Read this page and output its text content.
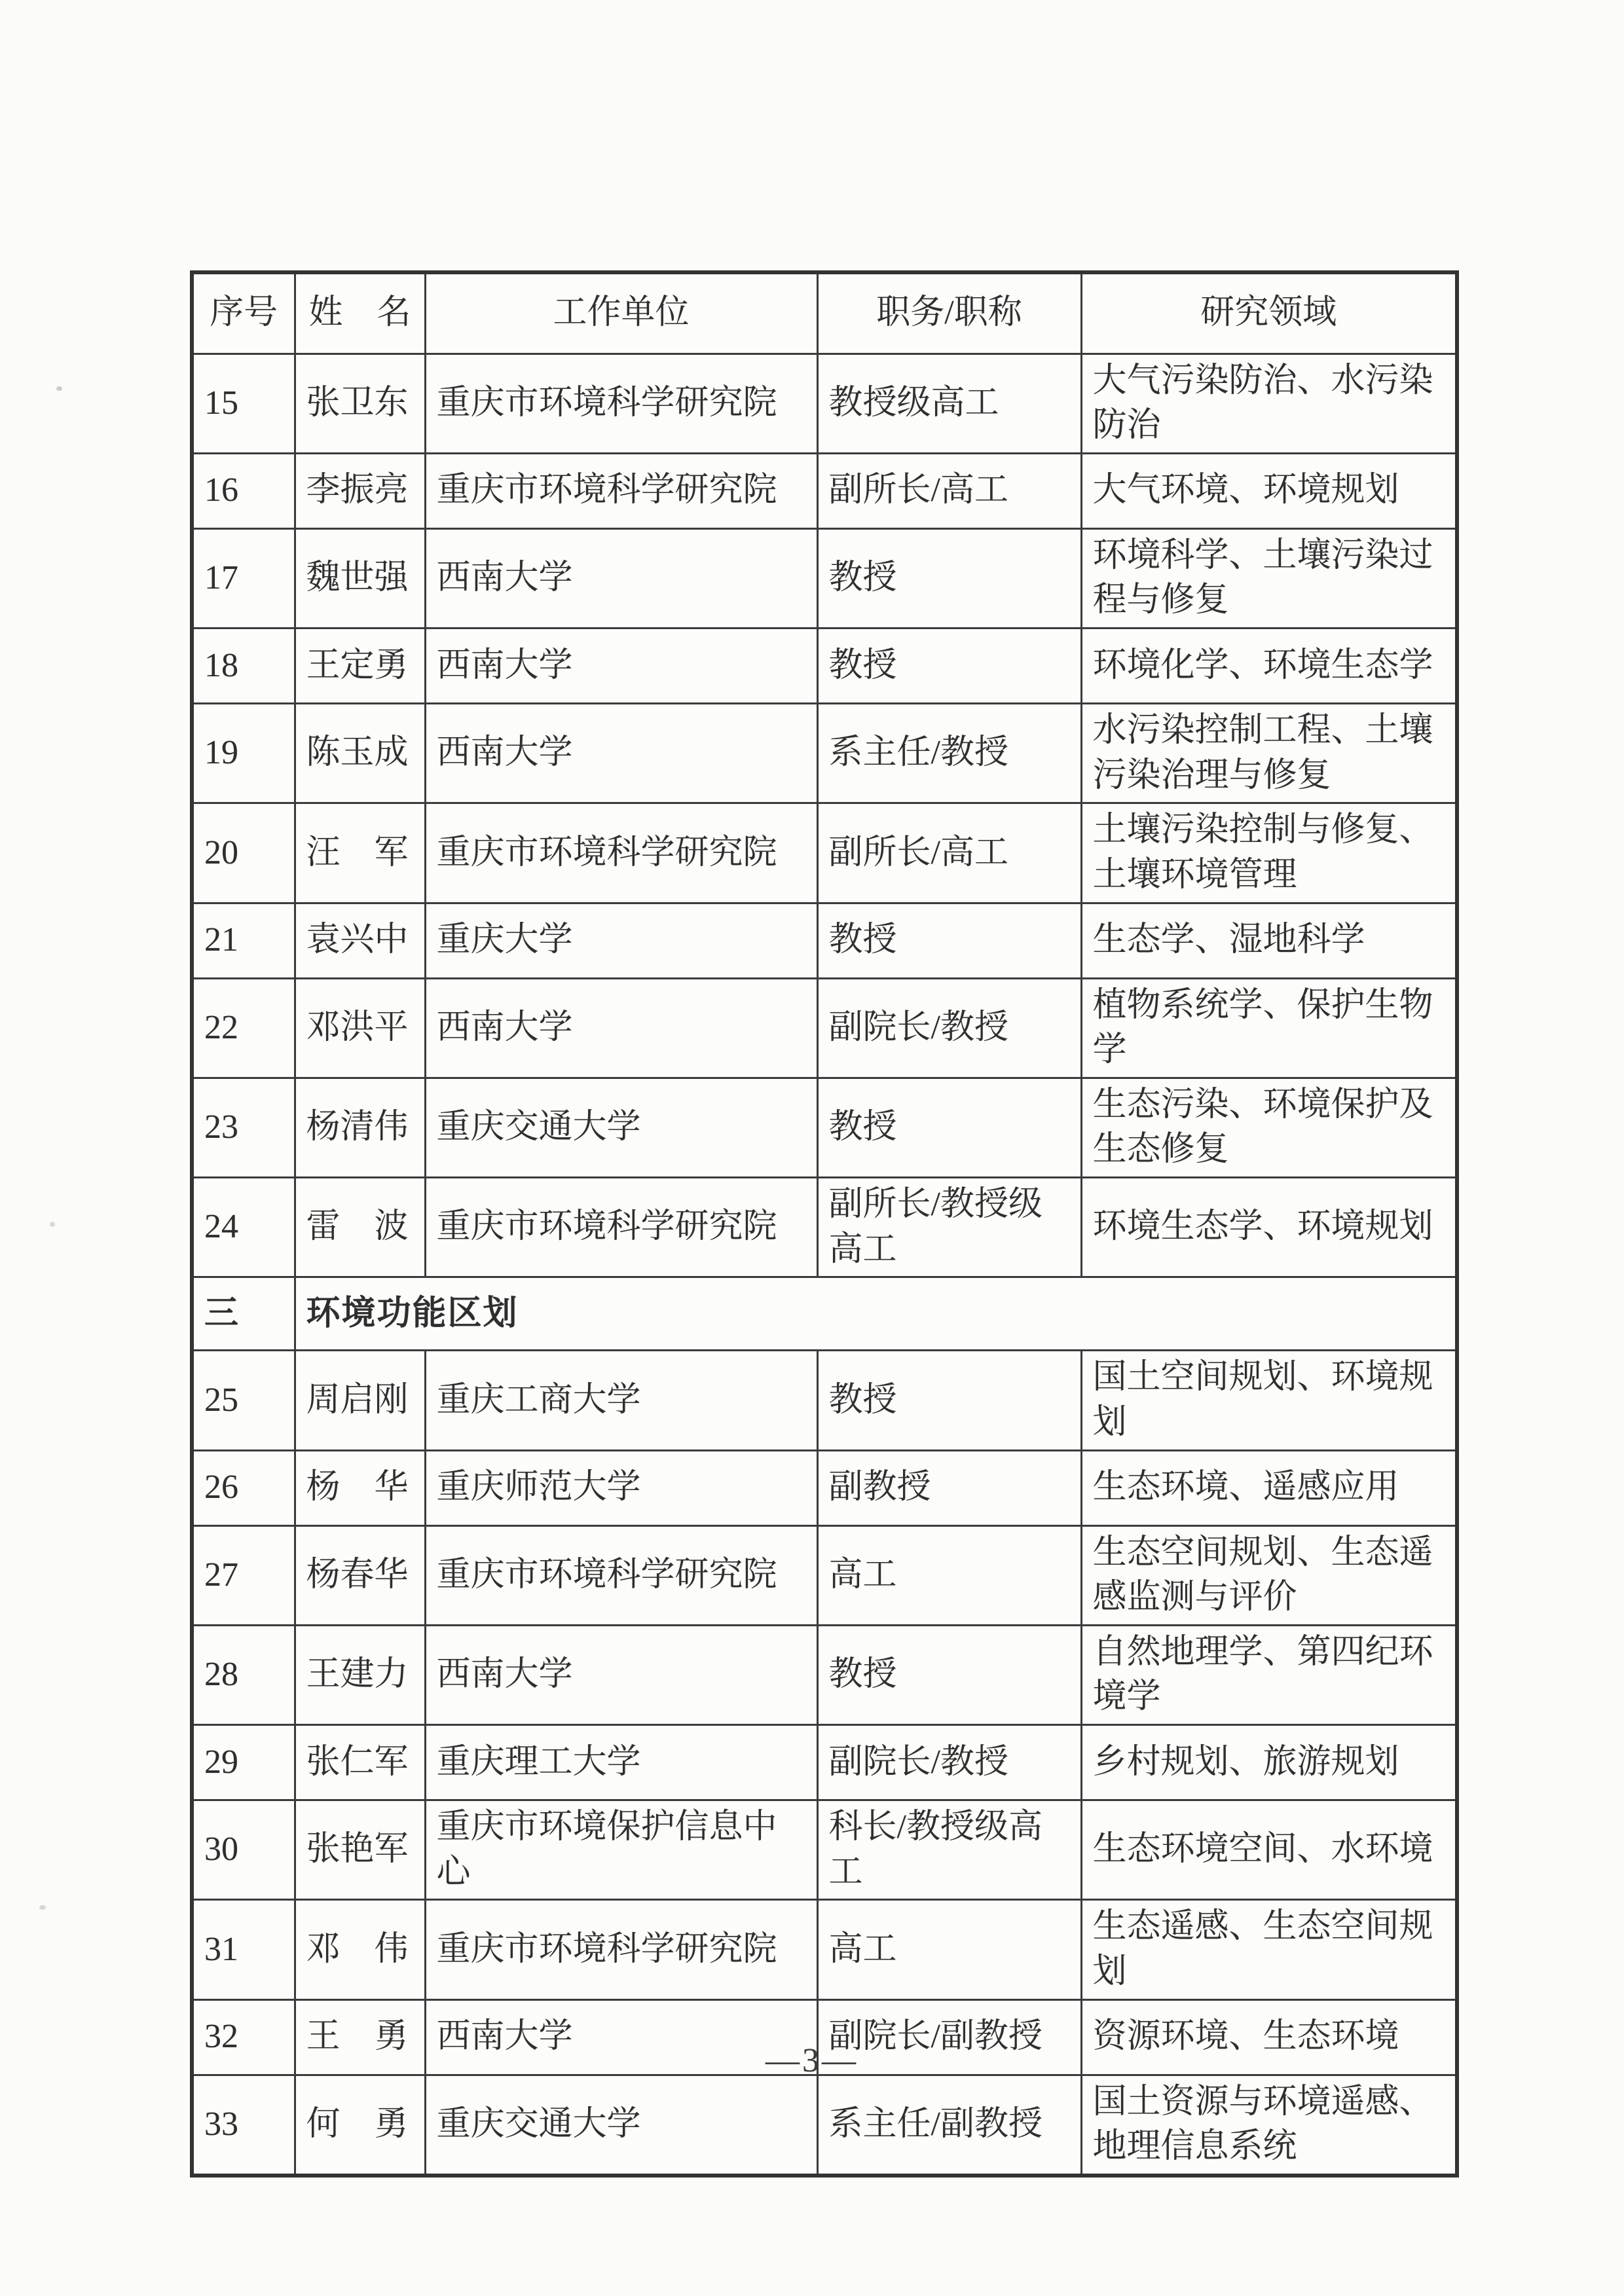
序号	姓　名	工作单位	职务/职称	研究领域
15	张卫东	重庆市环境科学研究院	教授级高工	大气污染防治、水污染防治
16	李振亮	重庆市环境科学研究院	副所长/高工	大气环境、环境规划
17	魏世强	西南大学	教授	环境科学、土壤污染过程与修复
18	王定勇	西南大学	教授	环境化学、环境生态学
19	陈玉成	西南大学	系主任/教授	水污染控制工程、土壤污染治理与修复
20	汪　军	重庆市环境科学研究院	副所长/高工	土壤污染控制与修复、土壤环境管理
21	袁兴中	重庆大学	教授	生态学、湿地科学
22	邓洪平	西南大学	副院长/教授	植物系统学、保护生物学
23	杨清伟	重庆交通大学	教授	生态污染、环境保护及生态修复
24	雷　波	重庆市环境科学研究院	副所长/教授级高工	环境生态学、环境规划
三	环境功能区划			
25	周启刚	重庆工商大学	教授	国土空间规划、环境规划
26	杨　华	重庆师范大学	副教授	生态环境、遥感应用
27	杨春华	重庆市环境科学研究院	高工	生态空间规划、生态遥感监测与评价
28	王建力	西南大学	教授	自然地理学、第四纪环境学
29	张仁军	重庆理工大学	副院长/教授	乡村规划、旅游规划
30	张艳军	重庆市环境保护信息中心	科长/教授级高工	生态环境空间、水环境
31	邓　伟	重庆市环境科学研究院	高工	生态遥感、生态空间规划
32	王　勇	西南大学	副院长/副教授	资源环境、生态环境
33	何　勇	重庆交通大学	系主任/副教授	国土资源与环境遥感、地理信息系统
—3—
